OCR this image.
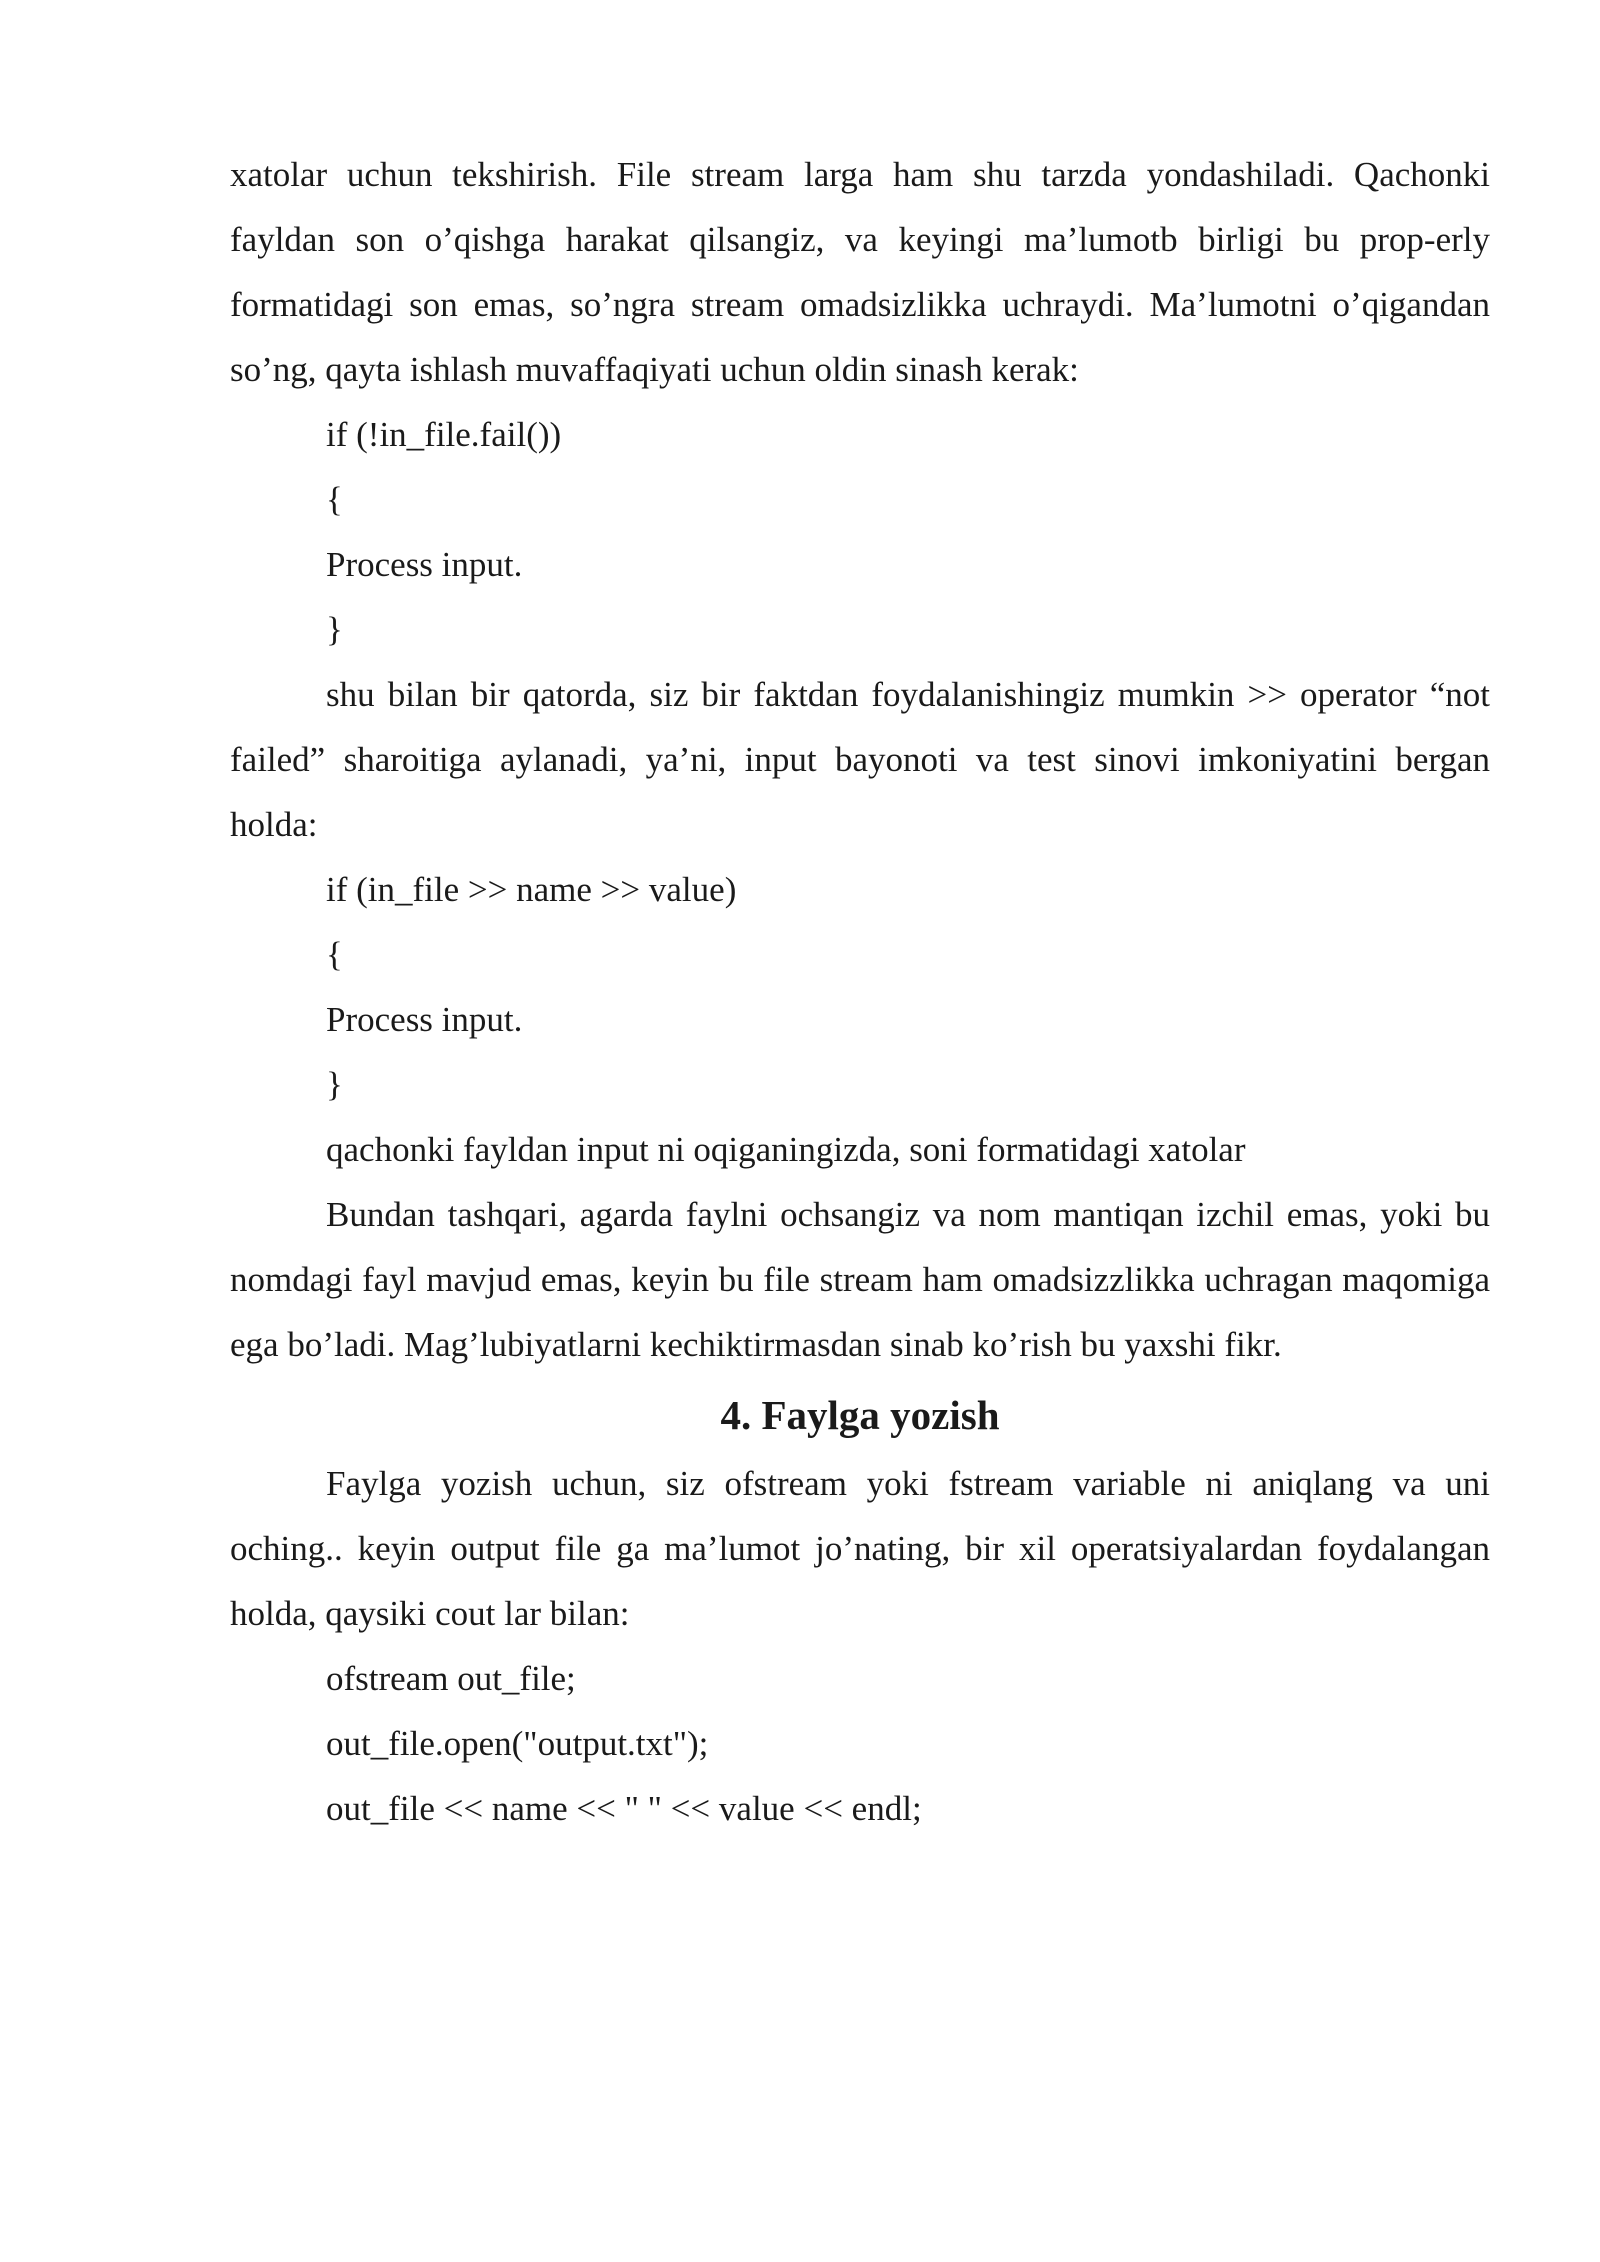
xatolar uchun tekshirish. File stream larga ham shu tarzda yondashiladi. Qachonki fayldan son o’qishga harakat qilsangiz, va keyingi ma’lumotb birligi bu prop-erly formatidagi son emas, so’ngra stream omadsizlikka uchraydi. Ma’lumotni o’qigandan so’ng, qayta ishlash muvaffaqiyati uchun oldin sinash kerak:

if (!in_file.fail())

{

Process input.

}

shu bilan bir qatorda, siz bir faktdan foydalanishingiz mumkin >> operator “not failed” sharoitiga aylanadi, ya’ni, input bayonoti va test sinovi imkoniyatini bergan holda:

if (in_file >> name >> value)

{

Process input.

}

qachonki fayldan input ni oqiganingizda, soni formatidagi xatolar

Bundan tashqari, agarda faylni ochsangiz va nom mantiqan izchil emas, yoki bu nomdagi fayl mavjud emas, keyin bu file stream ham omadsizzlikka uchragan maqomiga ega bo’ladi. Mag’lubiyatlarni kechiktirmasdan sinab ko’rish bu yaxshi fikr.

4. Faylga yozish

Faylga yozish uchun, siz ofstream yoki fstream variable ni aniqlang va uni oching.. keyin output file ga ma’lumot jo’nating, bir xil operatsiyalardan foydalangan holda, qaysiki cout lar bilan:

ofstream out_file;

out_file.open("output.txt");

out_file << name << " " << value << endl;
